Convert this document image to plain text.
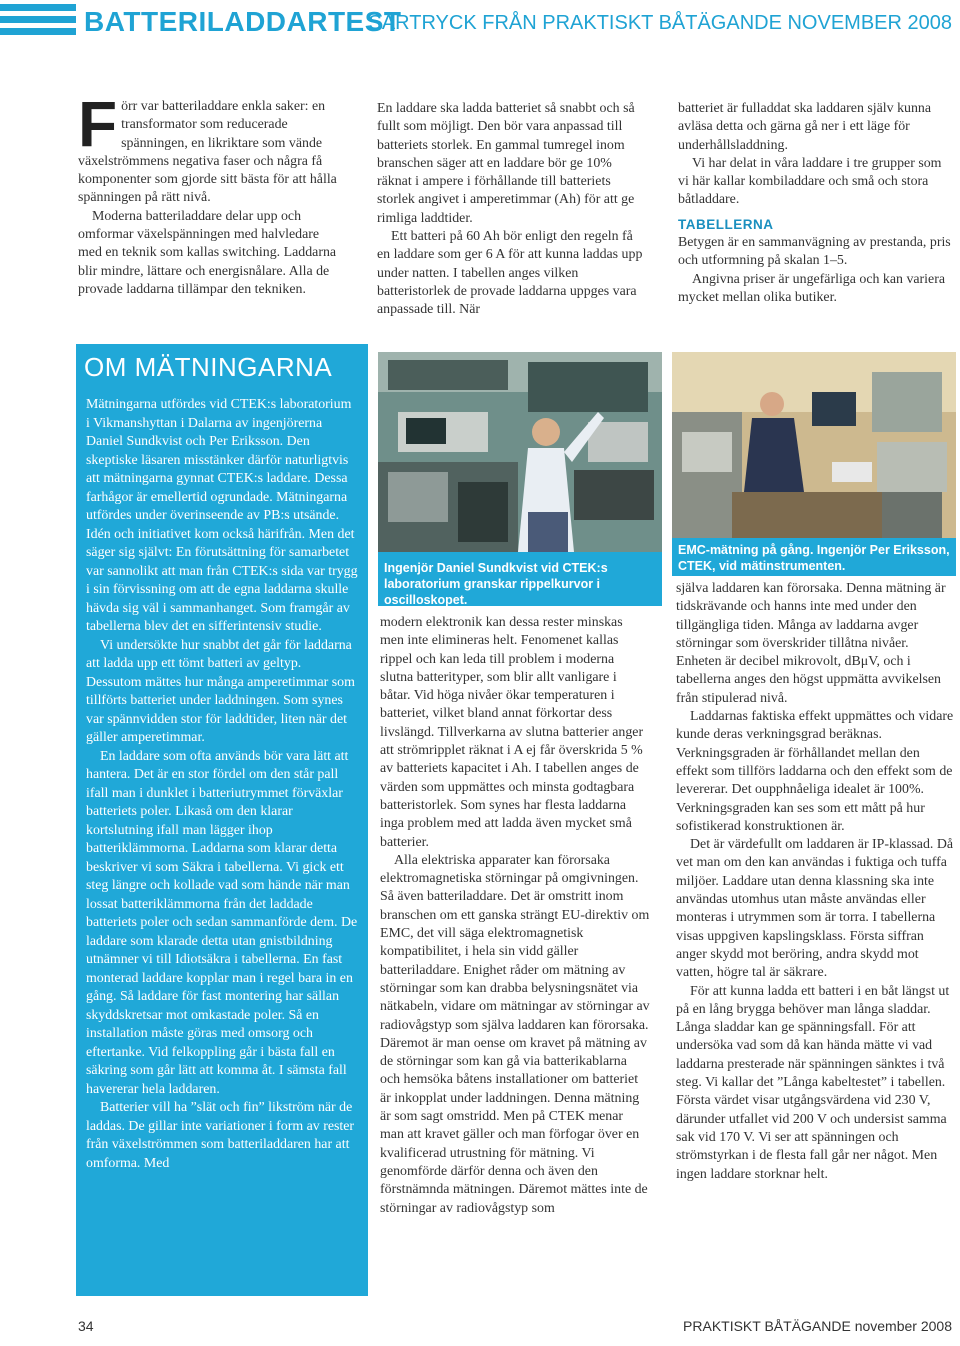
BATTERILADDARTEST
SÄRTRYCK FRÅN PRAKTISKT BÅTÄGANDE NOVEMBER 2008

Förr var batteriladdare enkla saker: en transformator som reducerade spänningen, en likriktare som vände växelströmmens negativa faser och några få komponenter som gjorde sitt bästa för att hålla spänningen på rätt nivå.

Moderna batteriladdare delar upp och omformar växelspänningen med halvledare med en teknik som kallas switching. Laddarna blir mindre, lättare och energisnålare. Alla de provade laddarna tillämpar den tekniken.

En laddare ska ladda batteriet så snabbt och så fullt som möjligt. Den bör vara anpassad till batteriets storlek. En gammal tumregel inom branschen säger att en laddare bör ge 10% räknat i ampere i förhållande till batteriets storlek angivet i amperetimmar (Ah) för att ge rimliga laddtider.

Ett batteri på 60 Ah bör enligt den regeln få en laddare som ger 6 A för att kunna laddas upp under natten. I tabellen anges vilken batteristorlek de provade laddarna uppges vara anpassade till. När

batteriet är fulladdat ska laddaren själv kunna avläsa detta och gärna gå ner i ett läge för underhållsladdning.

Vi har delat in våra laddare i tre grupper som vi här kallar kombiladdare och små och stora båtladdare.

TABELLERNA

Betygen är en sammanvägning av prestanda, pris och utformning på skalan 1–5.

Angivna priser är ungefärliga och kan variera mycket mellan olika butiker.

OM MÄTNINGARNA

Mätningarna utfördes vid CTEK:s laboratorium i Vikmanshyttan i Dalarna av ingenjörerna Daniel Sundkvist och Per Eriksson. Den skeptiske läsaren misstänker därför naturligtvis att mätningarna gynnat CTEK:s laddare. Dessa farhågor är emellertid ogrundade. Mätningarna utfördes under överinseende av PB:s utsände. Idén och initiativet kom också härifrån. Men det säger sig självt: En förutsättning för samarbetet var sannolikt att man från CTEK:s sida var trygg i sin förvissning om att de egna laddarna skulle hävda sig väl i sammanhanget. Som framgår av tabellerna blev det en sifferintensiv studie.

Vi undersökte hur snabbt det går för laddarna att ladda upp ett tömt batteri av geltyp. Dessutom mättes hur många amperetimmar som tillförts batteriet under laddningen. Som synes var spännvidden stor för laddtider, liten när det gäller amperetimmar.

En laddare som ofta används bör vara lätt att hantera. Det är en stor fördel om den står pall ifall man i dunklet i batteriutrymmet förväxlar batteriets poler. Likaså om den klarar kortslutning ifall man lägger ihop batteriklämmorna. Laddarna som klarar detta beskriver vi som Säkra i tabellerna. Vi gick ett steg längre och kollade vad som hände när man lossat batteriklämmorna från det laddade batteriets poler och sedan sammanförde dem. De laddare som klarade detta utan gnistbildning utnämner vi till Idiotsäkra i tabellerna. En fast monterad laddare kopplar man i regel bara in en gång. Så laddare för fast montering har sällan skyddskretsar mot omkastade poler. Så en installation måste göras med omsorg och eftertanke. Vid felkoppling går i bästa fall en säkring som går lätt att komma åt. I sämsta fall havererar hela laddaren.

Batterier vill ha ”slät och fin” likström när de laddas. De gillar inte variationer i form av rester från växelströmmen som batteriladdaren har att omforma. Med

Ingenjör Daniel Sundkvist vid CTEK:s laboratorium granskar rippelkurvor i oscilloskopet.
EMC-mätning på gång. Ingenjör Per Eriksson, CTEK, vid mätinstrumenten.

modern elektronik kan dessa rester minskas men inte elimineras helt. Fenomenet kallas rippel och kan leda till problem i moderna slutna batterityper, som blir allt vanligare i båtar. Vid höga nivåer ökar temperaturen i batteriet, vilket bland annat förkortar dess livslängd. Tillverkarna av slutna batterier anger att strömripplet räknat i A ej får överskrida 5 % av batteriets kapacitet i Ah. I tabellen anges de värden som uppmättes och minsta godtagbara batteristorlek. Som synes har flesta laddarna inga problem med att ladda även mycket små batterier.

Alla elektriska apparater kan förorsaka elektromagnetiska störningar på omgivningen. Så även batteriladdare. Det är omstritt inom branschen om ett ganska strängt EU-direktiv om EMC, det vill säga elektromagnetisk kompatibilitet, i hela sin vidd gäller batteriladdare. Enighet råder om mätning av störningar som kan drabba belysningsnätet via nätkabeln, vidare om mätningar av störningar av radiovågstyp som själva laddaren kan förorsaka. Däremot är man oense om kravet på mätning av de störningar som kan gå via batterikablarna och hemsöka båtens installationer om batteriet är inkopplat under laddningen. Denna mätning är som sagt omstridd. Men på CTEK menar man att kravet gäller och man förfogar över en kvalificerad utrustning för mätning. Vi genomförde därför denna och även den förstnämnda mätningen. Däremot mättes inte de störningar av radiovågstyp som

själva laddaren kan förorsaka. Denna mätning är tidskrävande och hanns inte med under den tillgängliga tiden. Många av laddarna avger störningar som överskrider tillåtna nivåer. Enheten är decibel mikrovolt, dBμV, och i tabellerna anges den högst uppmätta avvikelsen från stipulerad nivå.

Laddarnas faktiska effekt uppmättes och vidare kunde deras verkningsgrad beräknas. Verkningsgraden är förhållandet mellan den effekt som tillförs laddarna och den effekt som de levererar. Det oupphnåeliga idealet är 100%. Verkningsgraden kan ses som ett mått på hur sofistikerad konstruktionen är.

Det är värdefullt om laddaren är IP-klassad. Då vet man om den kan användas i fuktiga och tuffa miljöer. Laddare utan denna klassning ska inte användas utomhus utan måste användas eller monteras i utrymmen som är torra. I tabellerna visas uppgiven kapslingsklass. Första siffran anger skydd mot beröring, andra skydd mot vatten, högre tal är säkrare.

För att kunna ladda ett batteri i en båt längst ut på en lång brygga behöver man långa sladdar. Långa sladdar kan ge spänningsfall. För att undersöka vad som då kan hända mätte vi vad laddarna presterade när spänningen sänktes i två steg. Vi kallar det ”Långa kabeltestet” i tabellen. Första värdet visar utgångsvärdena vid 230 V, därunder utfallet vid 200 V och undersist samma sak vid 170 V. Vi ser att spänningen och strömstyrkan i de flesta fall går ner något. Men ingen laddare storknar helt.

34	PRAKTISKT BÅTÄGANDE november 2008
